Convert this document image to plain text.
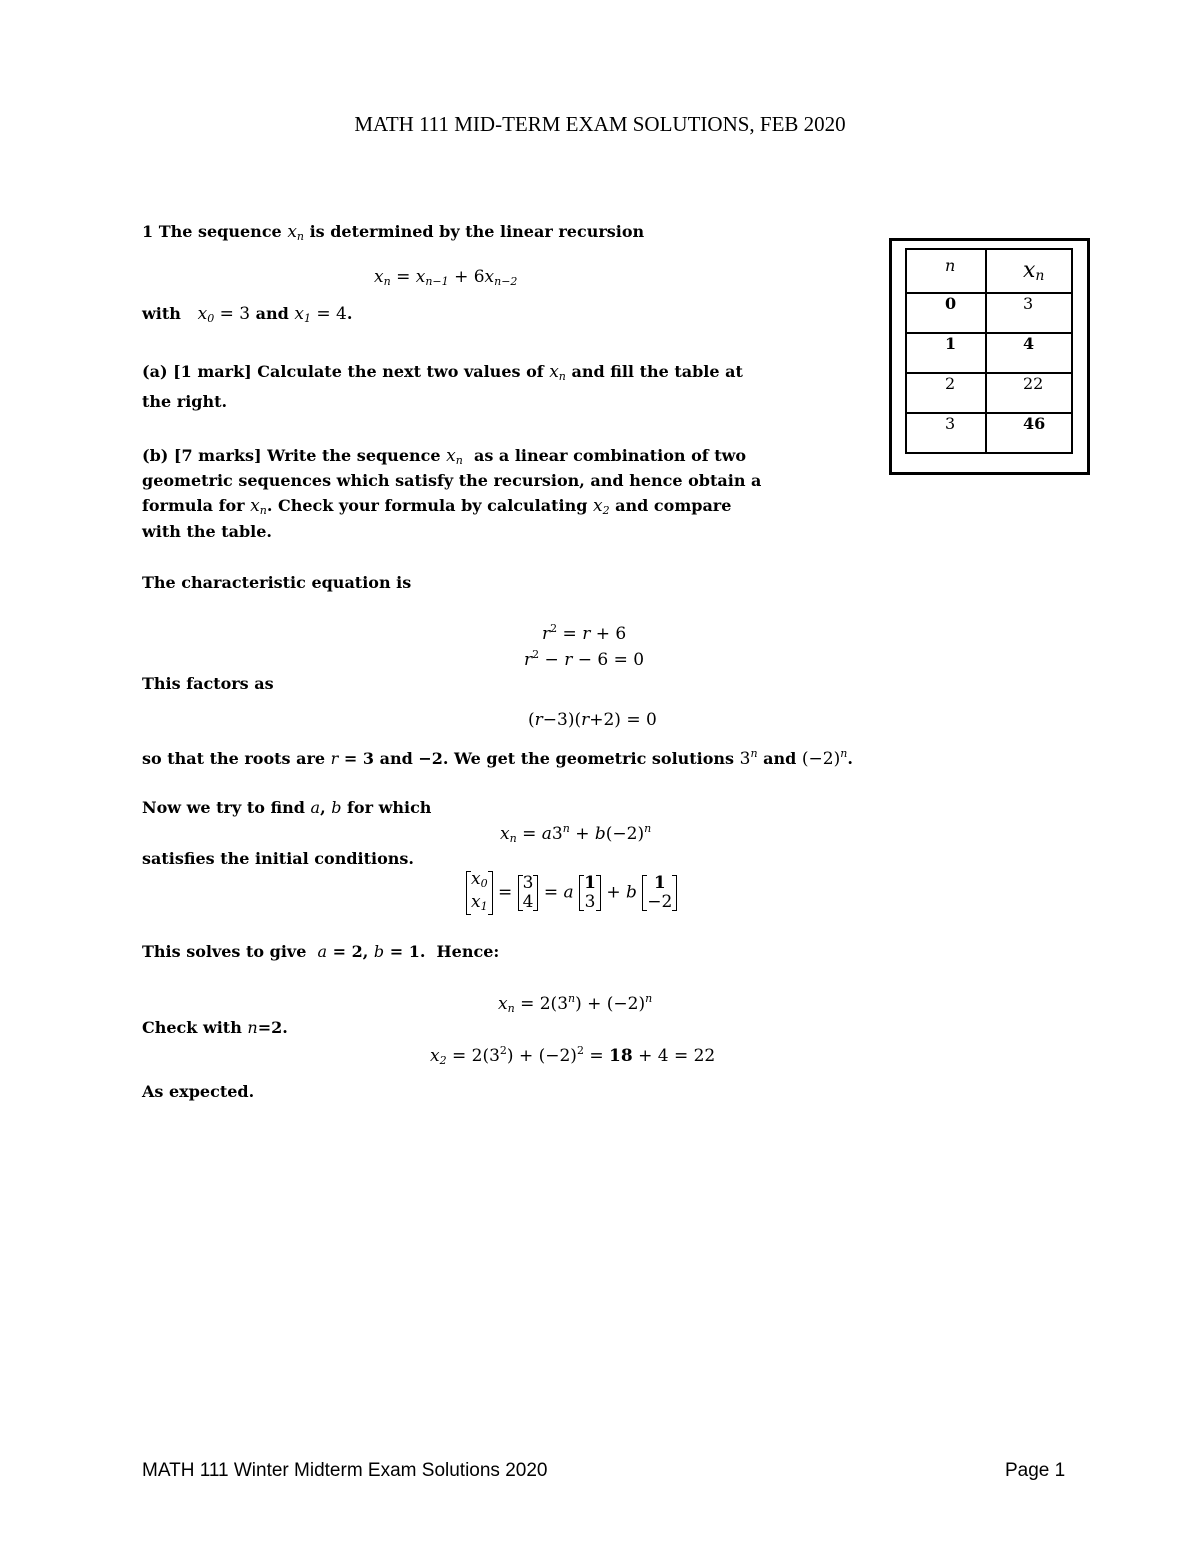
MATH 111 MID-TERM EXAM SOLUTIONS, FEB 2020
1 The sequence $x_n$ is determined by the linear recursion
$x_n = x_{n-1} + 6x_{n-2}$
with   $x_0 = 3$ and $x_1 = 4$.
(a) [1 mark] Calculate the next two values of $x_n$ and fill the table at
the right.
(b) [7 marks] Write the sequence $x_n$  as a linear combination of two
geometric sequences which satisfy the recursion, and hence obtain a
formula for $x_n$. Check your formula by calculating $x_2$ and compare
with the table.
The characteristic equation is
$r^2 = r + 6$
$r^2 - r - 6 = 0$
This factors as
(r−3)(r+2) = 0
so that the roots are r = 3 and −2. We get the geometric solutions 3$^n$ and $(-2)^n$.
Now we try to find a, b for which
$x_n = a3^n + b(-2)^n$
satisfies the initial conditions.
$x_0$
$x_1 = 3$
4 = a 1
3 + b 1
−2
This solves to give  a = 2, b = 1.  Hence:
$x_n = 2(3^n) + (-2)^n$
Check with n=2.
$x_2 = 2(3^2) + (-2)^2 = 18 + 4 = 22$
As expected.
n	$x_n$
0	3
1	4
2	22
3	46
MATH 111 Winter Midterm Exam Solutions 2020	Page 1
